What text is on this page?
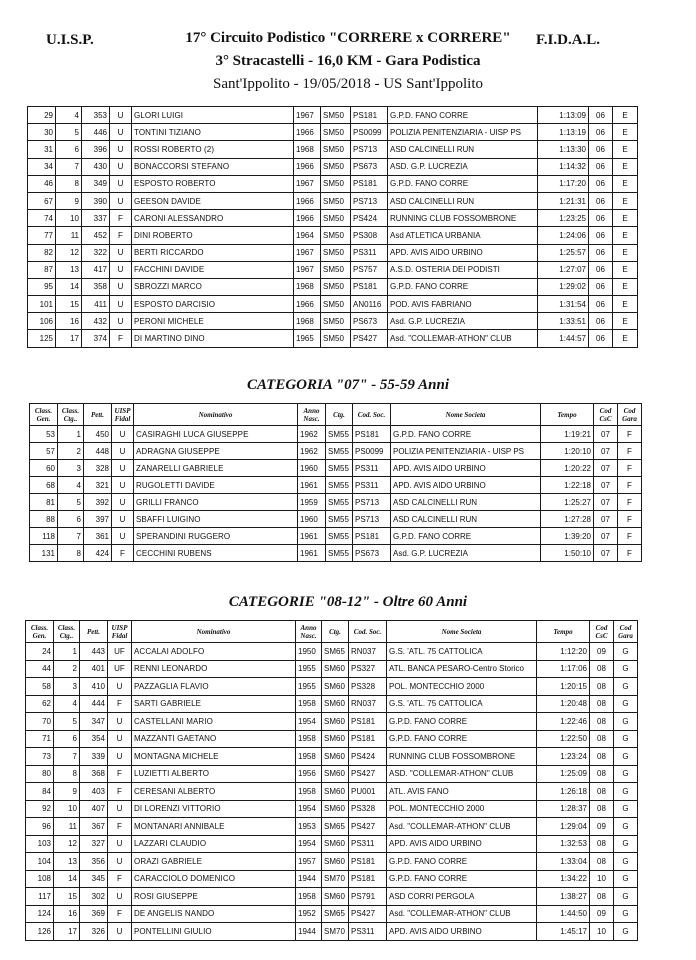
U.I.S.P.	17° Circuito Podistico "CORRERE x CORRERE"	F.I.D.A.L.
3° Stracastelli - 16,0 KM - Gara Podistica
Sant'Ippolito - 19/05/2018 - US Sant'Ippolito
29	4	353	U	GLORI LUIGI	1967	SM50	PS181	G.P.D. FANO CORRE	1:13:09	06	E
30	5	446	U	TONTINI TIZIANO	1966	SM50	PS0099	POLIZIA PENITENZIARIA - UISP PS	1:13:19	06	E
31	6	396	U	ROSSI ROBERTO (2)	1968	SM50	PS713	ASD CALCINELLI RUN	1:13:30	06	E
34	7	430	U	BONACCORSI STEFANO	1966	SM50	PS673	ASD. G.P. LUCREZIA	1:14:32	06	E
46	8	349	U	ESPOSTO ROBERTO	1967	SM50	PS181	G.P.D. FANO CORRE	1:17:20	06	E
67	9	390	U	GEESON DAVIDE	1966	SM50	PS713	ASD CALCINELLI RUN	1:21:31	06	E
74	10	337	F	CARONI ALESSANDRO	1966	SM50	PS424	RUNNING CLUB FOSSOMBRONE	1:23:25	06	E
77	11	452	F	DINI ROBERTO	1964	SM50	PS308	Asd ATLETICA URBANIA	1:24:06	06	E
82	12	322	U	BERTI RICCARDO	1967	SM50	PS311	APD. AVIS AIDO URBINO	1:25:57	06	E
87	13	417	U	FACCHINI DAVIDE	1967	SM50	PS757	A.S.D. OSTERIA DEI PODISTI	1:27:07	06	E
95	14	358	U	SBROZZI MARCO	1968	SM50	PS181	G.P.D. FANO CORRE	1:29:02	06	E
101	15	411	U	ESPOSTO DARCISIO	1966	SM50	AN0116	POD. AVIS FABRIANO	1:31:54	06	E
106	16	432	U	PERONI MICHELE	1968	SM50	PS673	Asd. G.P. LUCREZIA	1:33:51	06	E
125	17	374	F	DI MARTINO DINO	1965	SM50	PS427	Asd. "COLLEMAR-ATHON" CLUB	1:44:57	06	E
CATEGORIA "07" - 55-59 Anni
Class. Gen.	Class. Ctg..	Pett.	UISP Fidal	Nominativo	Anno Nasc.	Ctg.	Cod. Soc.	Nome Societa	Tempo	Cod CsC	Cod Gara
53	1	450	U	CASIRAGHI LUCA GIUSEPPE	1962	SM55	PS181	G.P.D. FANO CORRE	1:19:21	07	F
57	2	448	U	ADRAGNA GIUSEPPE	1962	SM55	PS0099	POLIZIA PENITENZIARIA - UISP PS	1:20:10	07	F
60	3	328	U	ZANARELLI GABRIELE	1960	SM55	PS311	APD. AVIS AIDO URBINO	1:20:22	07	F
68	4	321	U	RUGOLETTI DAVIDE	1961	SM55	PS311	APD. AVIS AIDO URBINO	1:22:18	07	F
81	5	392	U	GRILLI FRANCO	1959	SM55	PS713	ASD CALCINELLI RUN	1:25:27	07	F
88	6	397	U	SBAFFI LUIGINO	1960	SM55	PS713	ASD CALCINELLI RUN	1:27:28	07	F
118	7	361	U	SPERANDINI RUGGERO	1961	SM55	PS181	G.P.D. FANO CORRE	1:39:20	07	F
131	8	424	F	CECCHINI RUBENS	1961	SM55	PS673	Asd. G.P. LUCREZIA	1:50:10	07	F
CATEGORIE "08-12" - Oltre 60 Anni
Class. Gen.	Class. Ctg..	Pett.	UISP Fidal	Nominativo	Anno Nasc.	Ctg.	Cod. Soc.	Nome Societa	Tempo	Cod CsC	Cod Gara
24	1	443	UF	ACCALAI ADOLFO	1950	SM65	RN037	G.S. 'ATL. 75 CATTOLICA	1:12:20	09	G
44	2	401	UF	RENNI LEONARDO	1955	SM60	PS327	ATL. BANCA PESARO-Centro Storico	1:17:06	08	G
58	3	410	U	PAZZAGLIA FLAVIO	1955	SM60	PS328	POL. MONTECCHIO 2000	1:20:15	08	G
62	4	444	F	SARTI GABRIELE	1958	SM60	RN037	G.S. 'ATL. 75 CATTOLICA	1:20:48	08	G
70	5	347	U	CASTELLANI MARIO	1954	SM60	PS181	G.P.D. FANO CORRE	1:22:46	08	G
71	6	354	U	MAZZANTI GAETANO	1958	SM60	PS181	G.P.D. FANO CORRE	1:22:50	08	G
73	7	339	U	MONTAGNA MICHELE	1958	SM60	PS424	RUNNING CLUB FOSSOMBRONE	1:23:24	08	G
80	8	368	F	LUZIETTI ALBERTO	1956	SM60	PS427	ASD. "COLLEMAR-ATHON" CLUB	1:25:09	08	G
84	9	403	F	CERESANI ALBERTO	1958	SM60	PU001	ATL. AVIS FANO	1:26:18	08	G
92	10	407	U	DI LORENZI VITTORIO	1954	SM60	PS328	POL. MONTECCHIO 2000	1:28:37	08	G
96	11	367	F	MONTANARI ANNIBALE	1953	SM65	PS427	Asd. "COLLEMAR-ATHON" CLUB	1:29:04	09	G
103	12	327	U	LAZZARI CLAUDIO	1954	SM60	PS311	APD. AVIS AIDO URBINO	1:32:53	08	G
104	13	356	U	ORAZI GABRIELE	1957	SM60	PS181	G.P.D. FANO CORRE	1:33:04	08	G
108	14	345	F	CARACCIOLO DOMENICO	1944	SM70	PS181	G.P.D. FANO CORRE	1:34:22	10	G
117	15	302	U	ROSI GIUSEPPE	1958	SM60	PS791	ASD CORRI PERGOLA	1:38:27	08	G
124	16	369	F	DE ANGELIS NANDO	1952	SM65	PS427	Asd. "COLLEMAR-ATHON" CLUB	1:44:50	09	G
126	17	326	U	PONTELLINI GIULIO	1944	SM70	PS311	APD. AVIS AIDO URBINO	1:45:17	10	G
